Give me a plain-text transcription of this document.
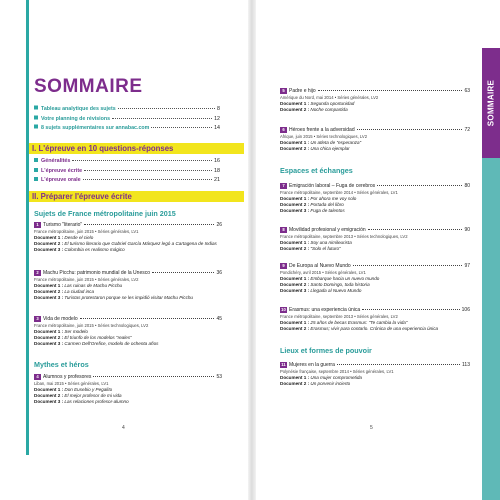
SOMMAIRE
Tableau analytique des sujets	8
Votre planning de révisions	12
8 sujets supplémentaires sur annabac.com	14
I. L'épreuve en 10 questions-réponses
Généralités	16
L'épreuve écrite	18
L'épreuve orale	21
II. Préparer l'épreuve écrite
Sujets de France métropolitaine juin 2015
1 Turismo "literario"	26
France métropolitaine, juin 2015 • Séries générales, LV1
Document 1 : Desde el cielo
Document 2 : El turismo literario que Gabriel García Márquez legó a Cartagena de Indias
Document 3 : Colombia es realismo mágico
2 Machu Picchu: patrimonio mundial de la Unesco	36
France métropolitaine, juin 2015 • Séries générales, LV2
Document 1 : Las ruinas de Machu Picchu
Document 2 : La ciudad inca
Document 3 : Turistas protestaron porque se les impidió visitar Machu Picchu
3 Vida de modelo	45
France métropolitaine, juin 2015 • Séries technologiques, LV2
Document 1 : Ser modelo
Document 2 : El triunfo de los modelos "reales"
Document 3 : Carmen Dell'Orefice, modelo de ochenta años
Mythes et héros
4 Alumnos y profesores	53
Liban, mai 2015 • Séries générales, LV1
Document 1 : Don Eusebio y Pegalito
Document 2 : El mejor profesor de mi vida
Document 3 : Las relaciones profesor-alumno
4
5 Padre e hijo	63
Amérique du Nord, mai 2014 • Séries générales, LV2
Document 1 : Segunda oportunidad
Document 2 : Noche compartida
6 Héroes frente a la adversidad	72
Afrique, juin 2015 • Séries technologiques, LV2
Document 1 : Un atleta de "esperanza"
Document 2 : Una chica ejemplar
Espaces et échanges
7 Emigración laboral – Fuga de cerebros	80
France métropolitaine, septembre 2014 • Séries générales, LV1
Document 1 : Por ahora me voy solo
Document 2 : Portada del libro
Document 3 : Fuga de talentos
8 Movilidad profesional y emigración	90
France métropolitaine, septembre 2013 • Séries technologiques, LV2
Document 1 : Soy una nimileurista
Document 2 : "Solo el futuro"
9 De Europa al Nuevo Mundo	97
Pondichéry, avril 2015 • Séries générales, LV1
Document 1 : Embarque hacia un nuevo mundo
Document 2 : Santo Domingo, toda historia
Document 3 : Llegada al Nuevo Mundo
10 Erasmus: una experiencia única	106
France métropolitaine, septembre 2013 • Séries générales, LV2
Document 1 : 25 años de becas Erasmus: "Te cambia la vida"
Document 2 : Erasmus; vivir para contarlo. Crónica de una experiencia única
Lieux et formes de pouvoir
11 Mujeres en la guerra	113
Polynésie française, septembre 2014 • Séries générales, LV1
Document 1 : Una mujer comprometida
Document 2 : Un porvenir incierto
5
SOMMAIRE
